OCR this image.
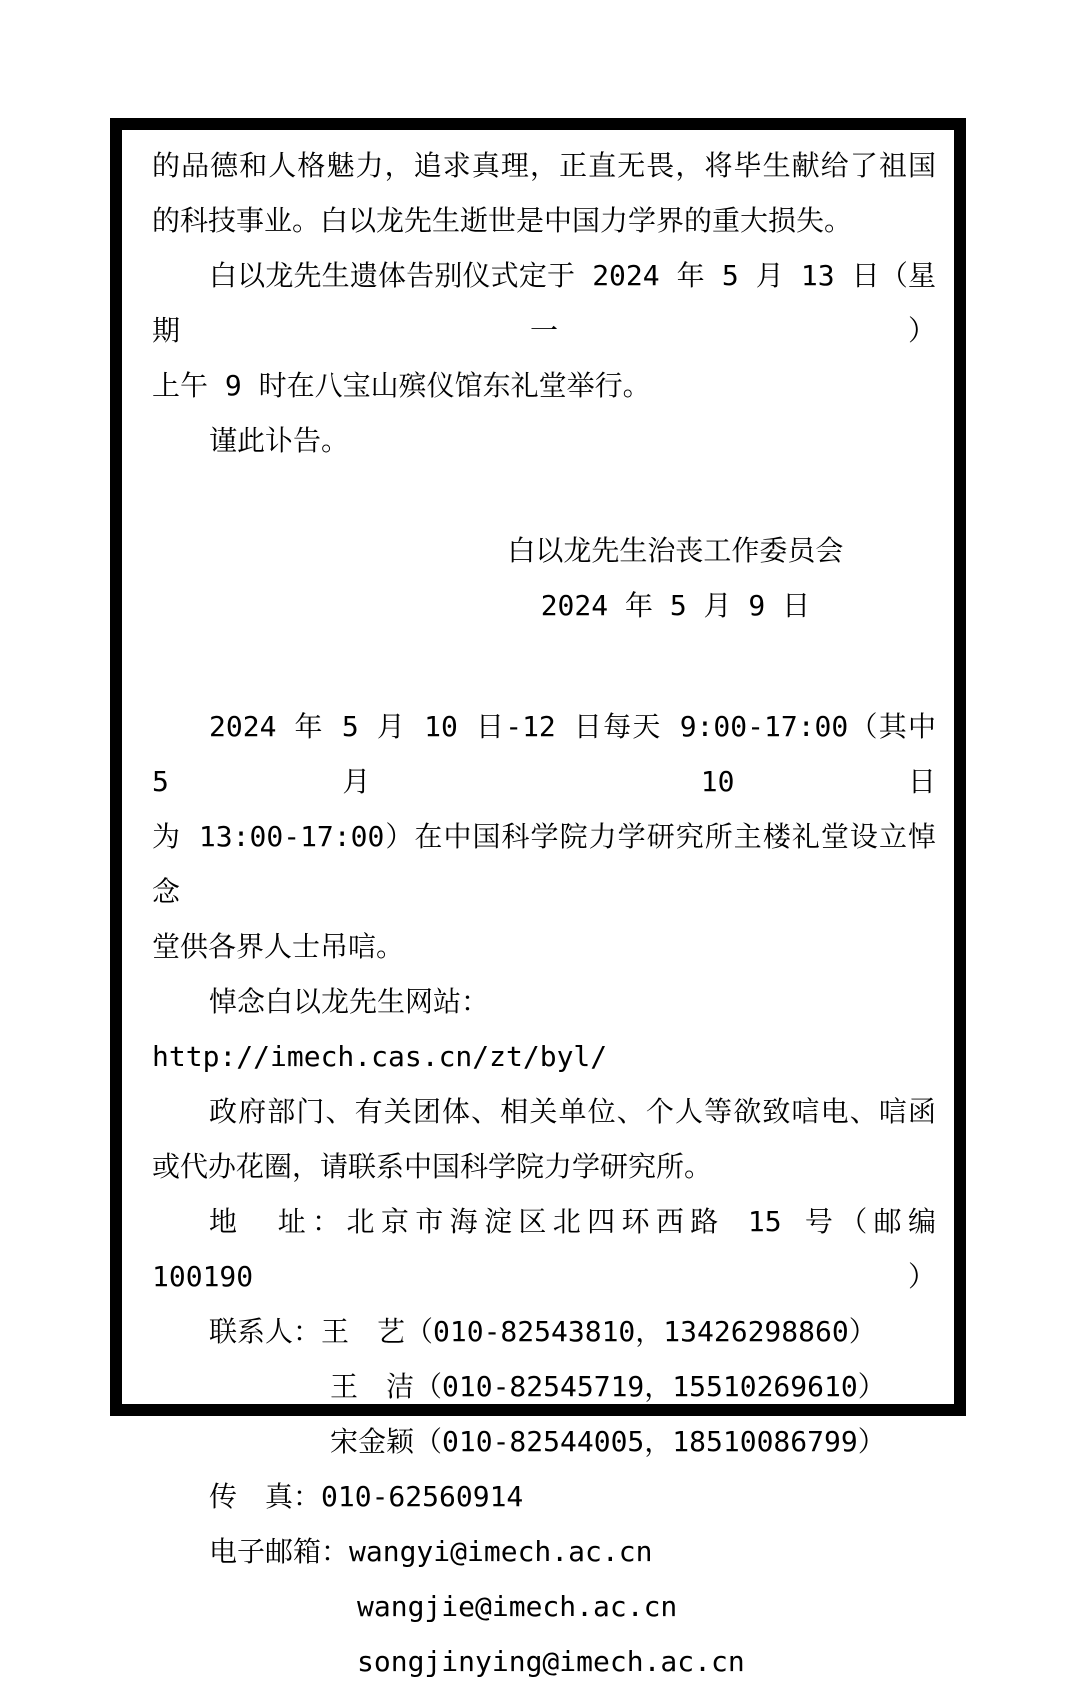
的品德和人格魅力，追求真理，正直无畏，将毕生献给了祖国
的科技事业。白以龙先生逝世是中国力学界的重大损失。
白以龙先生遗体告别仪式定于 2024 年 5 月 13 日（星期一）
上午 9 时在八宝山殡仪馆东礼堂举行。
谨此讣告。
白以龙先生治丧工作委员会
2024 年 5 月 9 日
2024 年 5 月 10 日-12 日每天 9:00-17:00（其中 5 月 10 日
为 13:00-17:00）在中国科学院力学研究所主楼礼堂设立悼念
堂供各界人士吊唁。
悼念白以龙先生网站：http://imech.cas.cn/zt/byl/
政府部门、有关团体、相关单位、个人等欲致唁电、唁函
或代办花圈，请联系中国科学院力学研究所。
地　址：北京市海淀区北四环西路 15 号（邮编 100190）
联系人：王　艺（010-82543810，13426298860）
王　洁（010-82545719，15510269610）
宋金颖（010-82544005，18510086799）
传　真：010-62560914
电子邮箱：wangyi@imech.ac.cn
wangjie@imech.ac.cn
songjinying@imech.ac.cn
